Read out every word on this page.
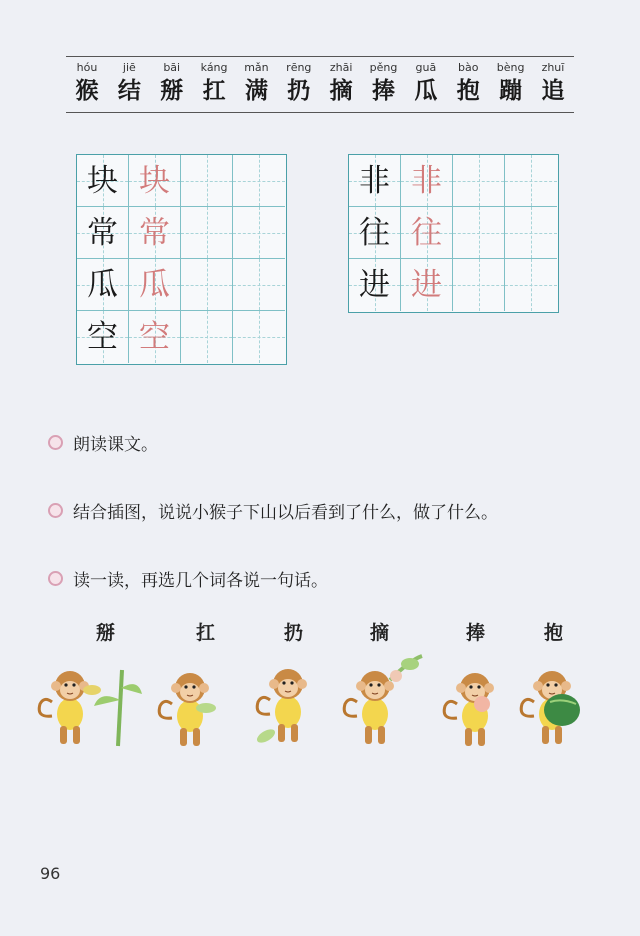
hóu
猴
jiē
结
bāi
掰
káng
扛
mǎn
满
rēng
扔
zhāi
摘
pěng
捧
guā
瓜
bào
抱
bèng
蹦
zhuī
追
块 块
常 常
瓜 瓜
空 空
非 非
往 往
进 进
朗读课文。
结合插图，说说小猴子下山以后看到了什么，做了什么。
读一读，再选几个词各说一句话。
掰	扛	扔	摘	捧	抱
96
